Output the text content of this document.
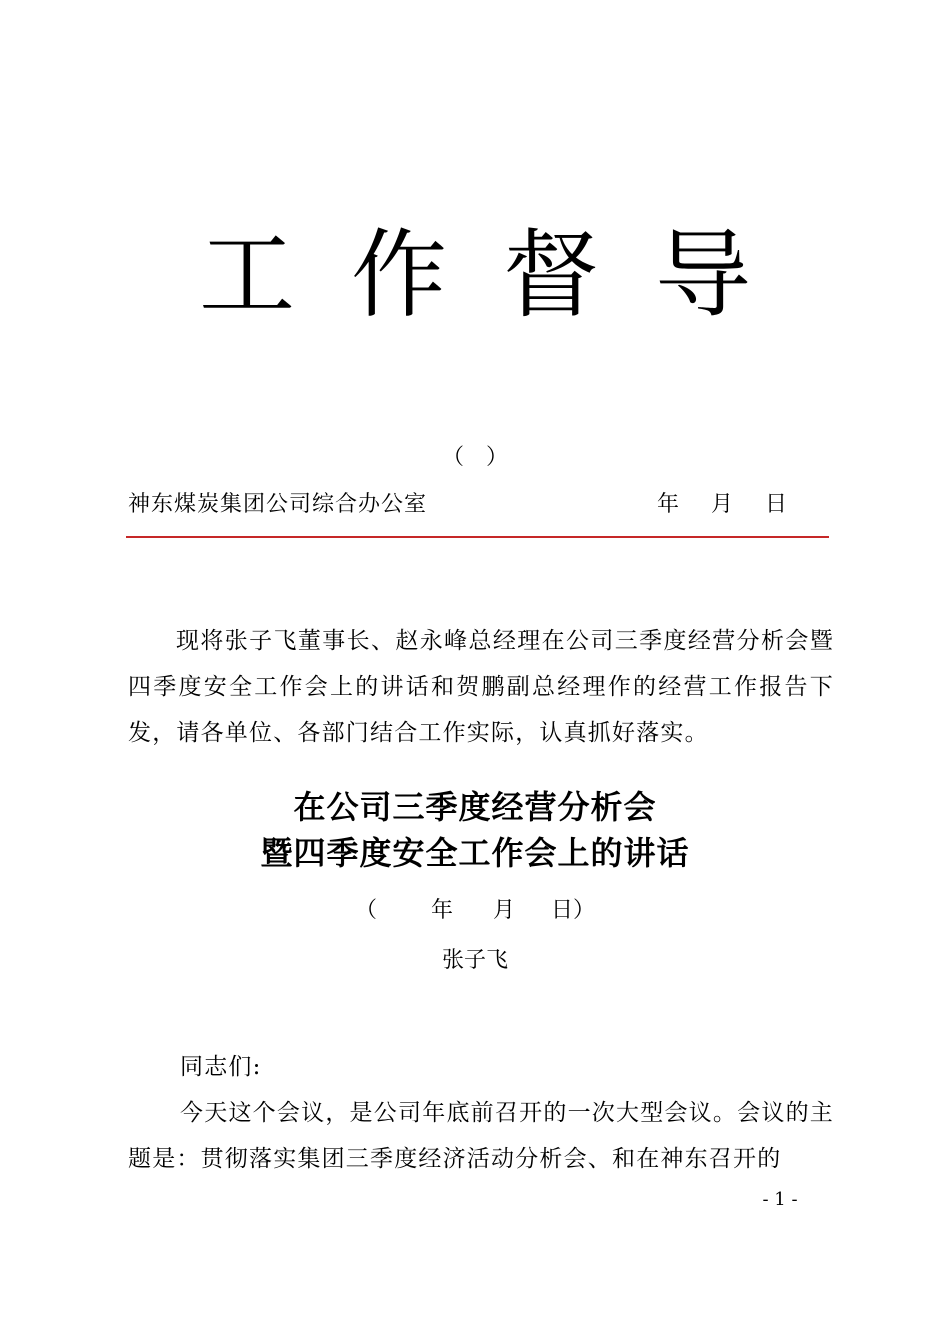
工作督导
（ ）
神东煤炭集团公司综合办公室	年 月 日
现将张子飞董事长、赵永峰总经理在公司三季度经营分析会暨四季度安全工作会上的讲话和贺鹏副总经理作的经营工作报告下发，请各单位、各部门结合工作实际，认真抓好落实。
在公司三季度经营分析会
暨四季度安全工作会上的讲话
（ 年 月 日）
张子飞
同志们:
今天这个会议，是公司年底前召开的一次大型会议。会议的主题是：贯彻落实集团三季度经济活动分析会、和在神东召开的
- 1 -
